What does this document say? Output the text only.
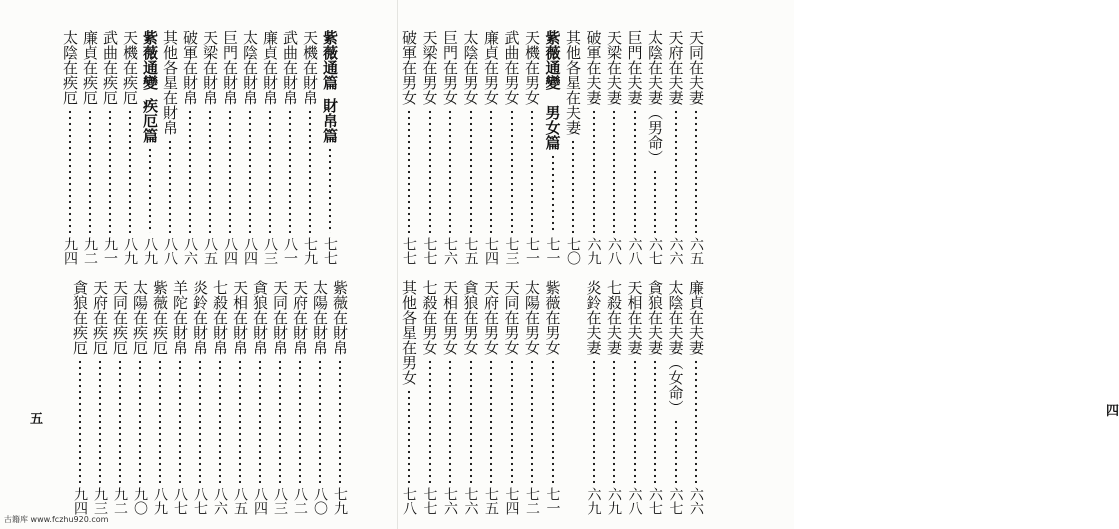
紫薇通篇
財帛篇
七七
天機在財帛
七九
武曲在財帛
八一
廉貞在財帛
八三
太陰在財帛
八四
巨門在財帛
八四
天梁在財帛
八五
破軍在財帛
八六
其他各星在財帛
八八
紫薇通變
疾厄篇
八九
天機在疾厄
八九
武曲在疾厄
九一
廉貞在疾厄
九二
太陰在疾厄
九四
紫薇在財帛
七九
太陽在財帛
八〇
天府在財帛
八二
天同在財帛
八三
貪狼在財帛
八四
天相在財帛
八五
七殺在財帛
八六
炎鈴在財帛
八七
羊陀在財帛
八七
紫薇在疾厄
八九
太陽在疾厄
九〇
天同在疾厄
九二
天府在疾厄
九三
貪狼在疾厄
九四
五
天同在夫妻
六五
天府在夫妻
六六
太陰在夫妻（男命）
六七
巨門在夫妻
六八
天梁在夫妻
六八
破軍在夫妻
六九
其他各星在夫妻
七〇
紫薇通變　男女篇
七一
天機在男女
七一
武曲在男女
七三
廉貞在男女
七四
太陰在男女
七五
巨門在男女
七六
天梁在男女
七七
破軍在男女
七七
廉貞在夫妻
六六
太陰在夫妻（女命）
六七
貪狼在夫妻
六七
天相在夫妻
六八
七殺在夫妻
六九
炎鈴在夫妻
六九
紫薇在男女
七一
太陽在男女
七二
天同在男女
七四
天府在男女
七五
貪狼在男女
七六
天相在男女
七六
七殺在男女
七七
其他各星在男女
七八
四
古籍库 www.fczhu920.com
